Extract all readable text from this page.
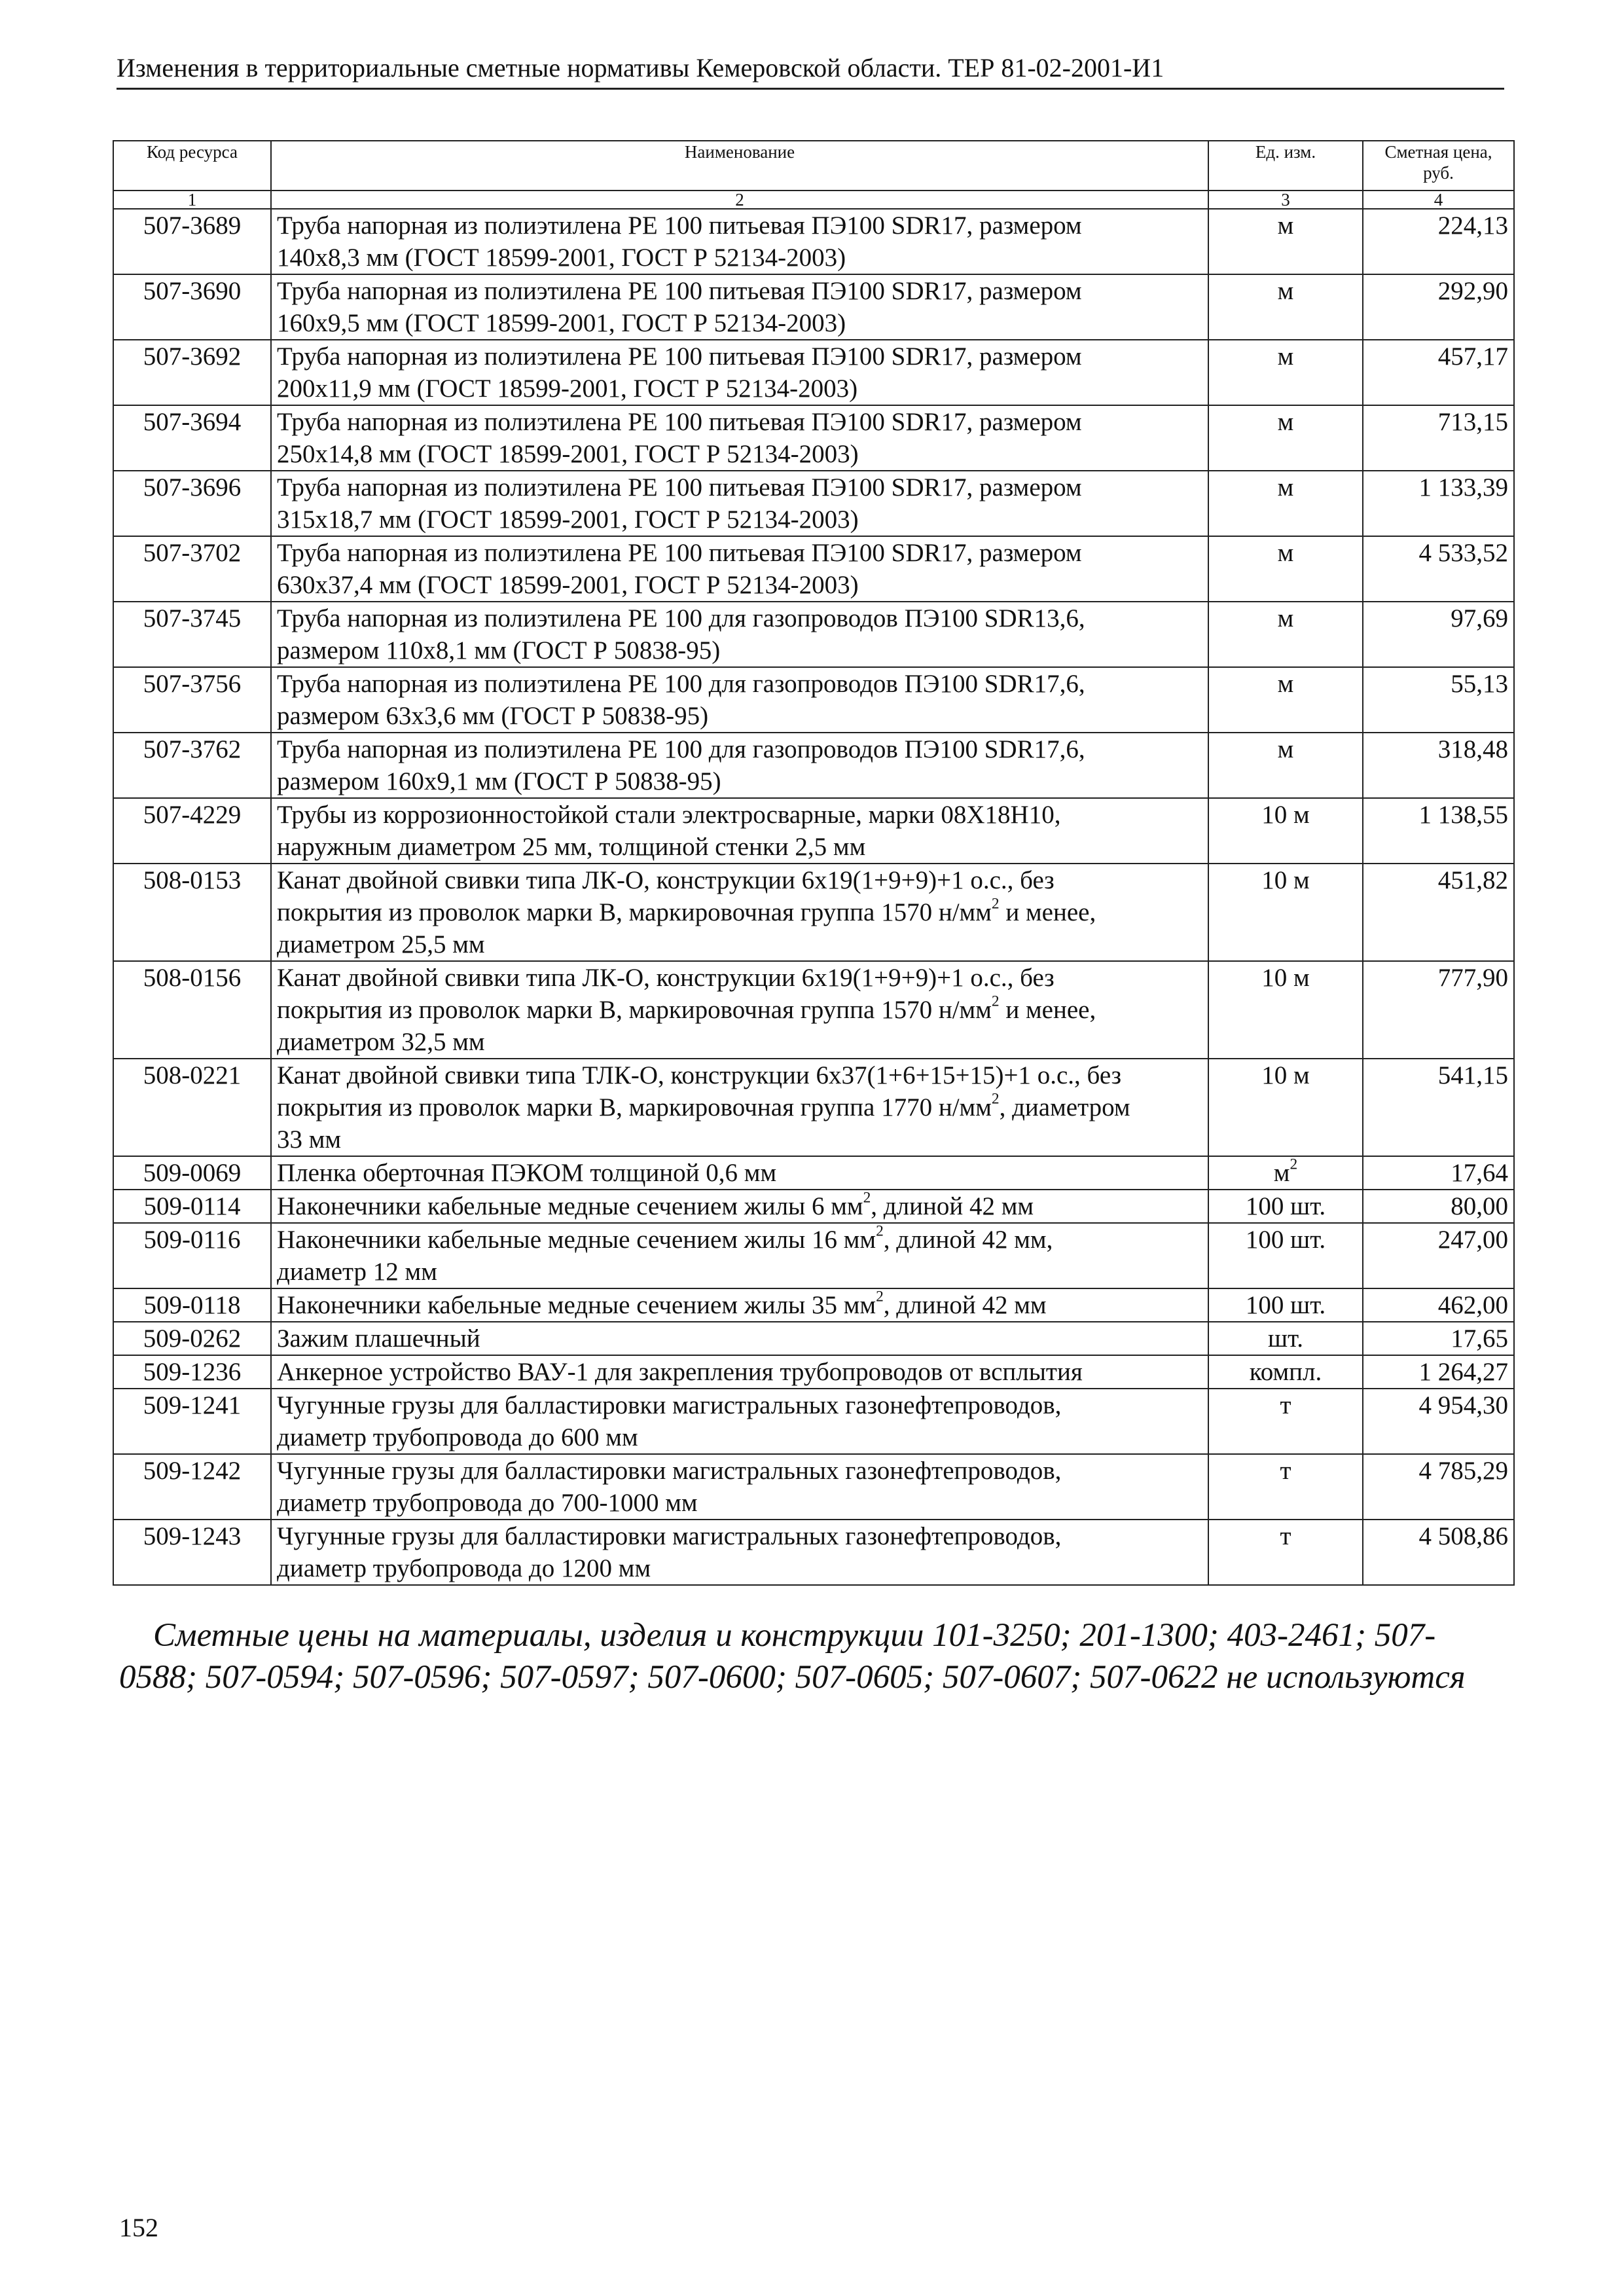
Изменения в территориальные сметные нормативы Кемеровской области. ТЕР 81-02-2001-И1
Код ресурса	Наименование	Ед. изм.	Сметная цена, руб.
1	2	3	4
507-3689	Труба напорная из полиэтилена PE 100 питьевая ПЭ100 SDR17, размером
140х8,3 мм (ГОСТ 18599-2001, ГОСТ Р 52134-2003)	м	224,13
507-3690	Труба напорная из полиэтилена PE 100 питьевая ПЭ100 SDR17, размером
160х9,5 мм (ГОСТ 18599-2001, ГОСТ Р 52134-2003)	м	292,90
507-3692	Труба напорная из полиэтилена PE 100 питьевая ПЭ100 SDR17, размером
200х11,9 мм (ГОСТ 18599-2001, ГОСТ Р 52134-2003)	м	457,17
507-3694	Труба напорная из полиэтилена PE 100 питьевая ПЭ100 SDR17, размером
250х14,8 мм (ГОСТ 18599-2001, ГОСТ Р 52134-2003)	м	713,15
507-3696	Труба напорная из полиэтилена PE 100 питьевая ПЭ100 SDR17, размером
315х18,7 мм (ГОСТ 18599-2001, ГОСТ Р 52134-2003)	м	1 133,39
507-3702	Труба напорная из полиэтилена PE 100 питьевая ПЭ100 SDR17, размером
630х37,4 мм (ГОСТ 18599-2001, ГОСТ Р 52134-2003)	м	4 533,52
507-3745	Труба напорная из полиэтилена PE 100 для газопроводов ПЭ100 SDR13,6,
размером 110х8,1 мм (ГОСТ Р 50838-95)	м	97,69
507-3756	Труба напорная из полиэтилена PE 100 для газопроводов ПЭ100 SDR17,6,
размером 63х3,6 мм (ГОСТ Р 50838-95)	м	55,13
507-3762	Труба напорная из полиэтилена PE 100 для газопроводов ПЭ100 SDR17,6,
размером 160х9,1 мм (ГОСТ Р 50838-95)	м	318,48
507-4229	Трубы из коррозионностойкой стали электросварные, марки 08Х18Н10,
наружным диаметром 25 мм, толщиной стенки 2,5 мм	10 м	1 138,55
508-0153	Канат двойной свивки типа ЛК-О, конструкции 6х19(1+9+9)+1 о.с., без
покрытия из проволок марки В, маркировочная группа 1570 $н/мм^2$ и менее,
диаметром 25,5 мм	10 м	451,82
508-0156	Канат двойной свивки типа ЛК-О, конструкции 6х19(1+9+9)+1 о.с., без
покрытия из проволок марки В, маркировочная группа 1570 $н/мм^2$ и менее,
диаметром 32,5 мм	10 м	777,90
508-0221	Канат двойной свивки типа ТЛК-О, конструкции 6х37(1+6+15+15)+1 о.с., без
покрытия из проволок марки В, маркировочная группа 1770 $н/мм^2$, диаметром
33 мм	10 м	541,15
509-0069	Пленка оберточная ПЭКОМ толщиной 0,6 мм	$м^2$	17,64
509-0114	Наконечники кабельные медные сечением жилы 6 $мм^2$, длиной 42 мм	100 шт.	80,00
509-0116	Наконечники кабельные медные сечением жилы 16 $мм^2$, длиной 42 мм,
диаметр 12 мм	100 шт.	247,00
509-0118	Наконечники кабельные медные сечением жилы 35 $мм^2$, длиной 42 мм	100 шт.	462,00
509-0262	Зажим плашечный	шт.	17,65
509-1236	Анкерное устройство ВАУ-1 для закрепления трубопроводов от всплытия	компл.	1 264,27
509-1241	Чугунные грузы для балластировки магистральных газонефтепроводов,
диаметр трубопровода до 600 мм	т	4 954,30
509-1242	Чугунные грузы для балластировки магистральных газонефтепроводов,
диаметр трубопровода до 700-1000 мм	т	4 785,29
509-1243	Чугунные грузы для балластировки магистральных газонефтепроводов,
диаметр трубопровода до 1200 мм	т	4 508,86
Сметные цены на материалы, изделия и конструкции 101-3250; 201-1300; 403-2461; 507-0588; 507-0594; 507-0596; 507-0597; 507-0600; 507-0605; 507-0607; 507-0622 не используются
152
